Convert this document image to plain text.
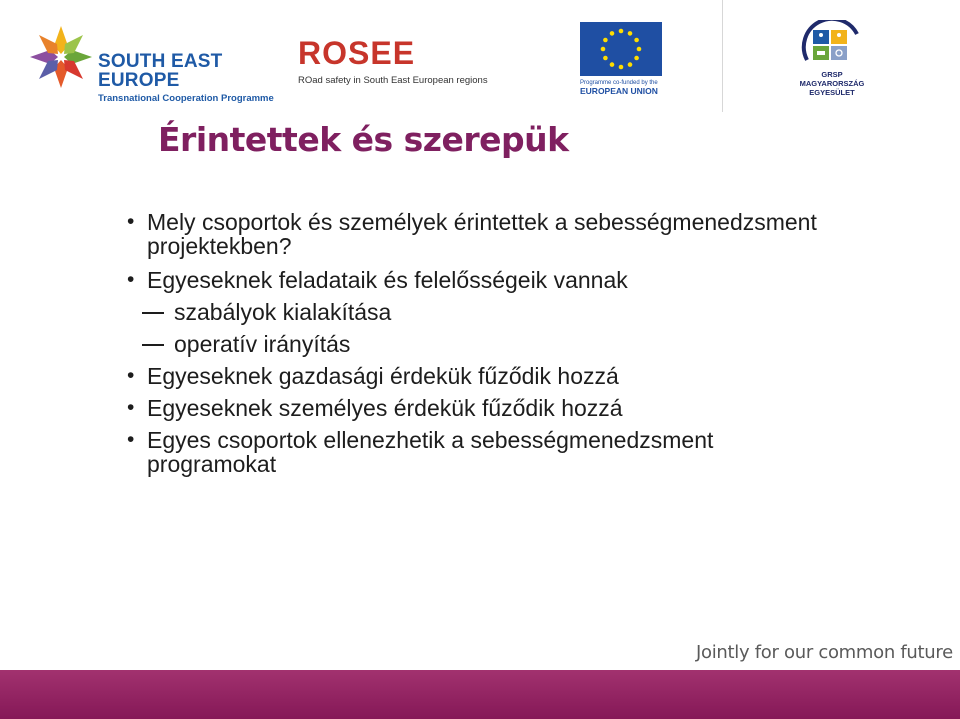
SOUTH EAST
EUROPE
Transnational Cooperation Programme
ROSEE
ROad safety in South East European regions	Programme co-funded by the
EUROPEAN UNION
GRSP
MAGYARORSZÁG
EGYESÜLET
Érintettek és szerepük
• Mely csoportok és személyek érintettek a sebességmenedzsment projektekben?
• Egyeseknek feladataik és felelősségeik vannak
szabályok kialakítása
operatív irányítás
• Egyeseknek gazdasági érdekük fűződik hozzá
• Egyeseknek személyes érdekük fűződik hozzá
• Egyes csoportok ellenezhetik a sebességmenedzsment programokat
Jointly for our common future
